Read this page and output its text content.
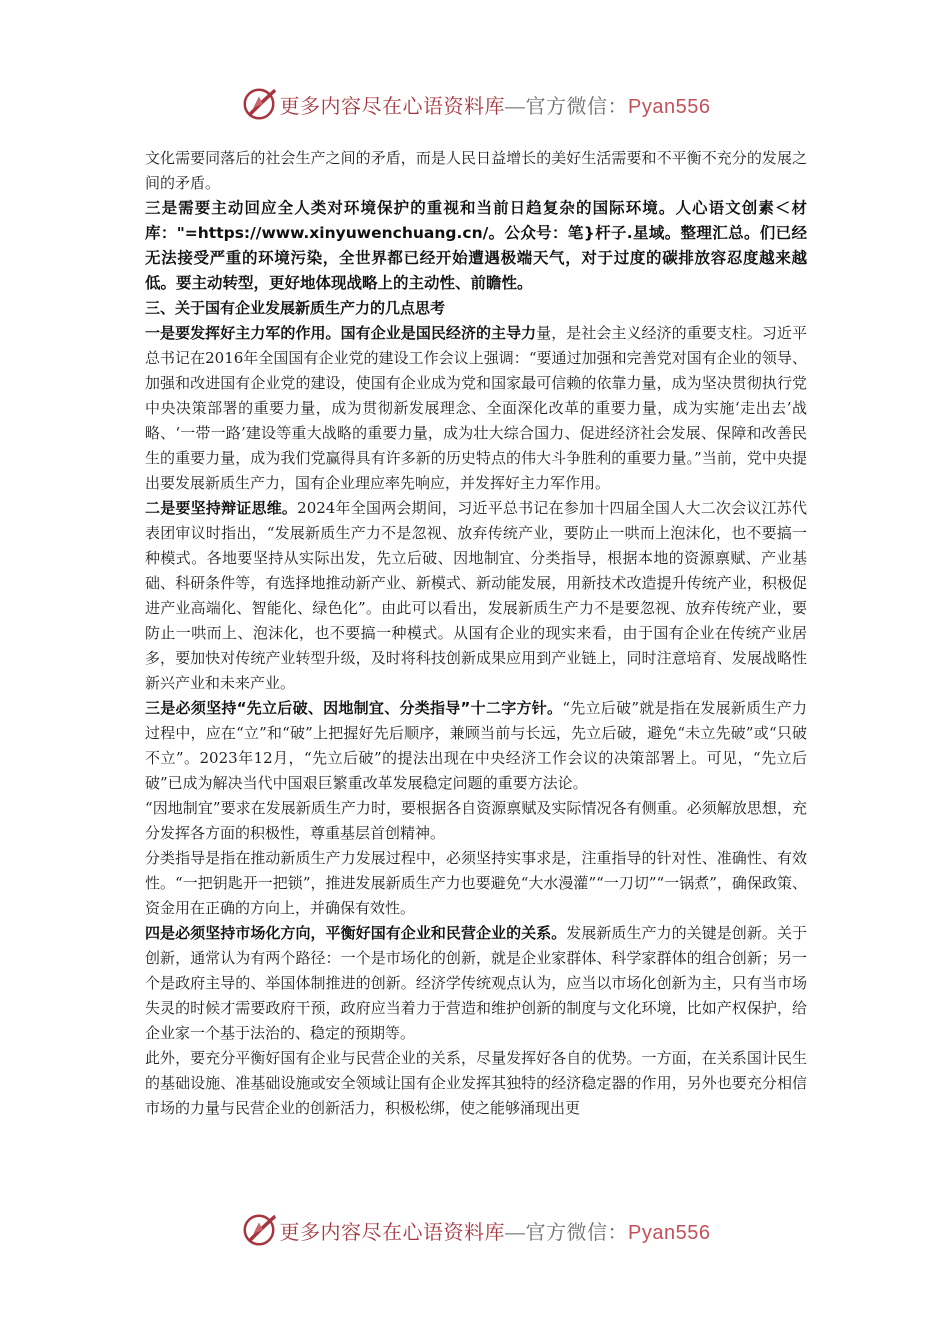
更多内容尽在心语资料库—官方微信：Pyan556

文化需要同落后的社会生产之间的矛盾，而是人民日益增长的美好生活需要和不平衡不充分的发展之间的矛盾。

三是需要主动回应全人类对环境保护的重视和当前日趋复杂的国际环境。人心语文创素＜材库："=https://www.xinyuwenchuang.cn/。公众号：笔}杆子.星域。整理汇总。们已经无法接受严重的环境污染，全世界都已经开始遭遇极端天气，对于过度的碳排放容忍度越来越低。要主动转型，更好地体现战略上的主动性、前瞻性。

三、关于国有企业发展新质生产力的几点思考

一是要发挥好主力军的作用。国有企业是国民经济的主导力量，是社会主义经济的重要支柱。习近平总书记在2016年全国国有企业党的建设工作会议上强调：“要通过加强和完善党对国有企业的领导、加强和改进国有企业党的建设，使国有企业成为党和国家最可信赖的依靠力量，成为坚决贯彻执行党中央决策部署的重要力量，成为贯彻新发展理念、全面深化改革的重要力量，成为实施‘走出去’战略、‘一带一路’建设等重大战略的重要力量，成为壮大综合国力、促进经济社会发展、保障和改善民生的重要力量，成为我们党赢得具有许多新的历史特点的伟大斗争胜利的重要力量。”当前，党中央提出要发展新质生产力，国有企业理应率先响应，并发挥好主力军作用。

二是要坚持辩证思维。2024年全国两会期间，习近平总书记在参加十四届全国人大二次会议江苏代表团审议时指出，“发展新质生产力不是忽视、放弃传统产业，要防止一哄而上泡沫化，也不要搞一种模式。各地要坚持从实际出发，先立后破、因地制宜、分类指导，根据本地的资源禀赋、产业基础、科研条件等，有选择地推动新产业、新模式、新动能发展，用新技术改造提升传统产业，积极促进产业高端化、智能化、绿色化”。由此可以看出，发展新质生产力不是要忽视、放弃传统产业，要防止一哄而上、泡沫化，也不要搞一种模式。从国有企业的现实来看，由于国有企业在传统产业居多，要加快对传统产业转型升级，及时将科技创新成果应用到产业链上，同时注意培育、发展战略性新兴产业和未来产业。

三是必须坚持“先立后破、因地制宜、分类指导”十二字方针。“先立后破”就是指在发展新质生产力过程中，应在“立”和“破”上把握好先后顺序，兼顾当前与长远，先立后破，避免“未立先破”或“只破不立”。2023年12月，“先立后破”的提法出现在中央经济工作会议的决策部署上。可见，“先立后破”已成为解决当代中国艰巨繁重改革发展稳定问题的重要方法论。

“因地制宜”要求在发展新质生产力时，要根据各自资源禀赋及实际情况各有侧重。必须解放思想，充分发挥各方面的积极性，尊重基层首创精神。

分类指导是指在推动新质生产力发展过程中，必须坚持实事求是，注重指导的针对性、准确性、有效性。“一把钥匙开一把锁”，推进发展新质生产力也要避免“大水漫灌”“一刀切”“一锅煮”，确保政策、资金用在正确的方向上，并确保有效性。

四是必须坚持市场化方向，平衡好国有企业和民营企业的关系。发展新质生产力的关键是创新。关于创新，通常认为有两个路径：一个是市场化的创新，就是企业家群体、科学家群体的组合创新；另一个是政府主导的、举国体制推进的创新。经济学传统观点认为，应当以市场化创新为主，只有当市场失灵的时候才需要政府干预，政府应当着力于营造和维护创新的制度与文化环境，比如产权保护，给企业家一个基于法治的、稳定的预期等。

此外，要充分平衡好国有企业与民营企业的关系，尽量发挥好各自的优势。一方面，在关系国计民生的基础设施、准基础设施或安全领域让国有企业发挥其独特的经济稳定器的作用，另外也要充分相信市场的力量与民营企业的创新活力，积极松绑，使之能够涌现出更

更多内容尽在心语资料库—官方微信：Pyan556
